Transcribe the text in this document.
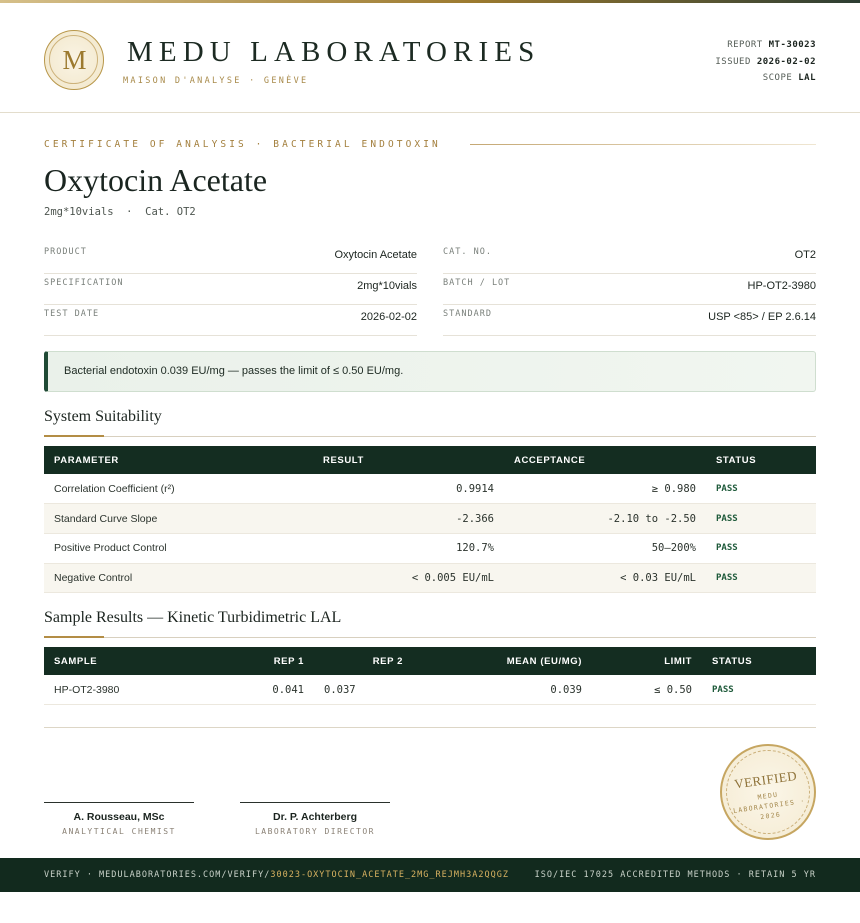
M	MEDU LABORATORIES
MAISON D'ANALYSE · GENÈVE
REPORT MT-30023
ISSUED 2026-02-02
SCOPE LAL
CERTIFICATE OF ANALYSIS · BACTERIAL ENDOTOXIN
Oxytocin Acetate
2mg*10vials  ·  Cat. OT2
PRODUCT	Oxytocin Acetate
SPECIFICATION	2mg*10vials
TEST DATE	2026-02-02
CAT. NO.	OT2
BATCH / LOT	HP-OT2-3980
STANDARD	USP <85> / EP 2.6.14
Bacterial endotoxin 0.039 EU/mg — passes the limit of ≤ 0.50 EU/mg.
System Suitability
PARAMETER	RESULT	ACCEPTANCE	STATUS
Correlation Coefficient (r²)	0.9914	≥ 0.980	PASS
Standard Curve Slope	-2.366	-2.10 to -2.50	PASS
Positive Product Control	120.7%	50–200%	PASS
Negative Control	< 0.005 EU/mL	< 0.03 EU/mL	PASS
Sample Results — Kinetic Turbidimetric LAL
SAMPLE	REP 1	REP 2	MEAN (EU/MG)	LIMIT	STATUS
HP-OT2-3980	0.041	0.037	0.039	≤ 0.50	PASS
A. Rousseau, MSc
ANALYTICAL CHEMIST
Dr. P. Achterberg
LABORATORY DIRECTOR
VERIFIED
MEDU LABORATORIES · 2026
VERIFY · MEDULABORATORIES.COM/VERIFY/30023-OXYTOCIN_ACETATE_2MG_REJMH3A2QQGZ	ISO/IEC 17025 ACCREDITED METHODS · RETAIN 5 YR
